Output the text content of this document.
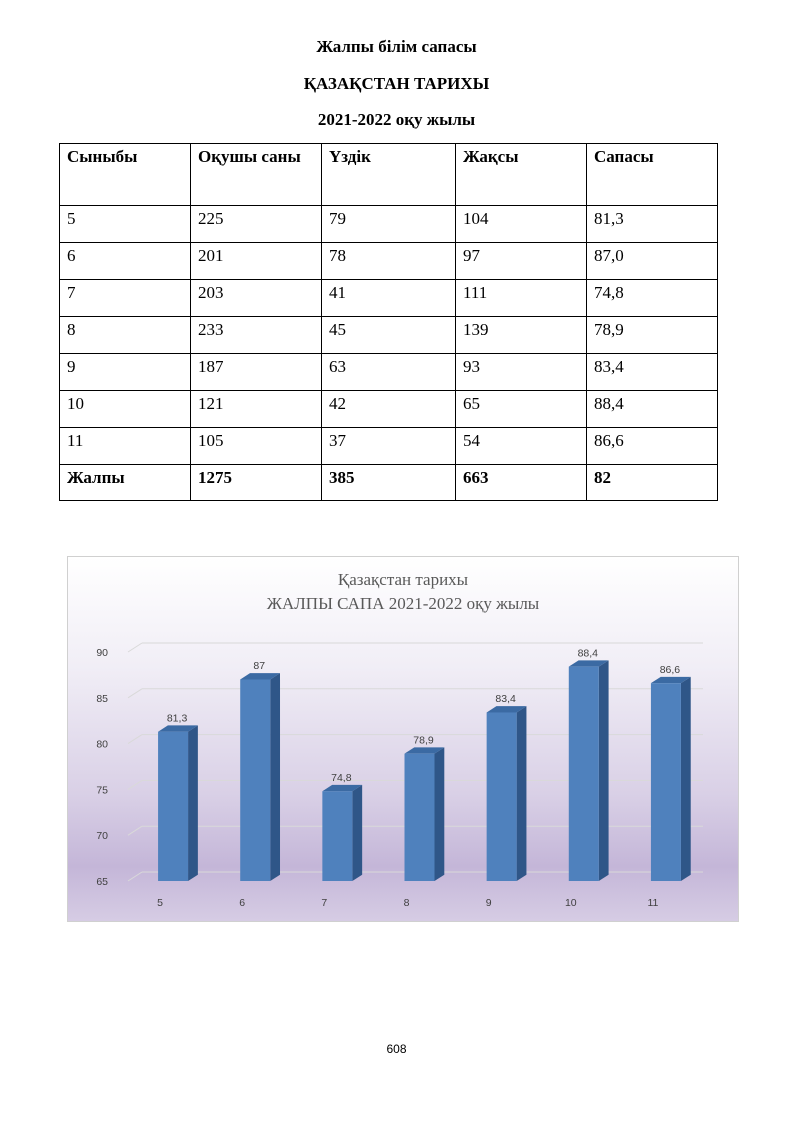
Жалпы білім сапасы
ҚАЗАҚСТАН ТАРИХЫ
2021-2022 оқу жылы
Сыныбы	Оқушы саны	Үздік	Жақсы	Сапасы
5	225	79	104	81,3
6	201	78	97	87,0
7	203	41	111	74,8
8	233	45	139	78,9
9	187	63	93	83,4
10	121	42	65	88,4
11	105	37	54	86,6
Жалпы	1275	385	663	82
Қазақстан тарихы
ЖАЛПЫ САПА 2021-2022 оқу жылы
65
70
75
80
85
90
81,3
5
87
6
74,8
7
78,9
8
83,4
9
88,4
10
86,6
11
608
